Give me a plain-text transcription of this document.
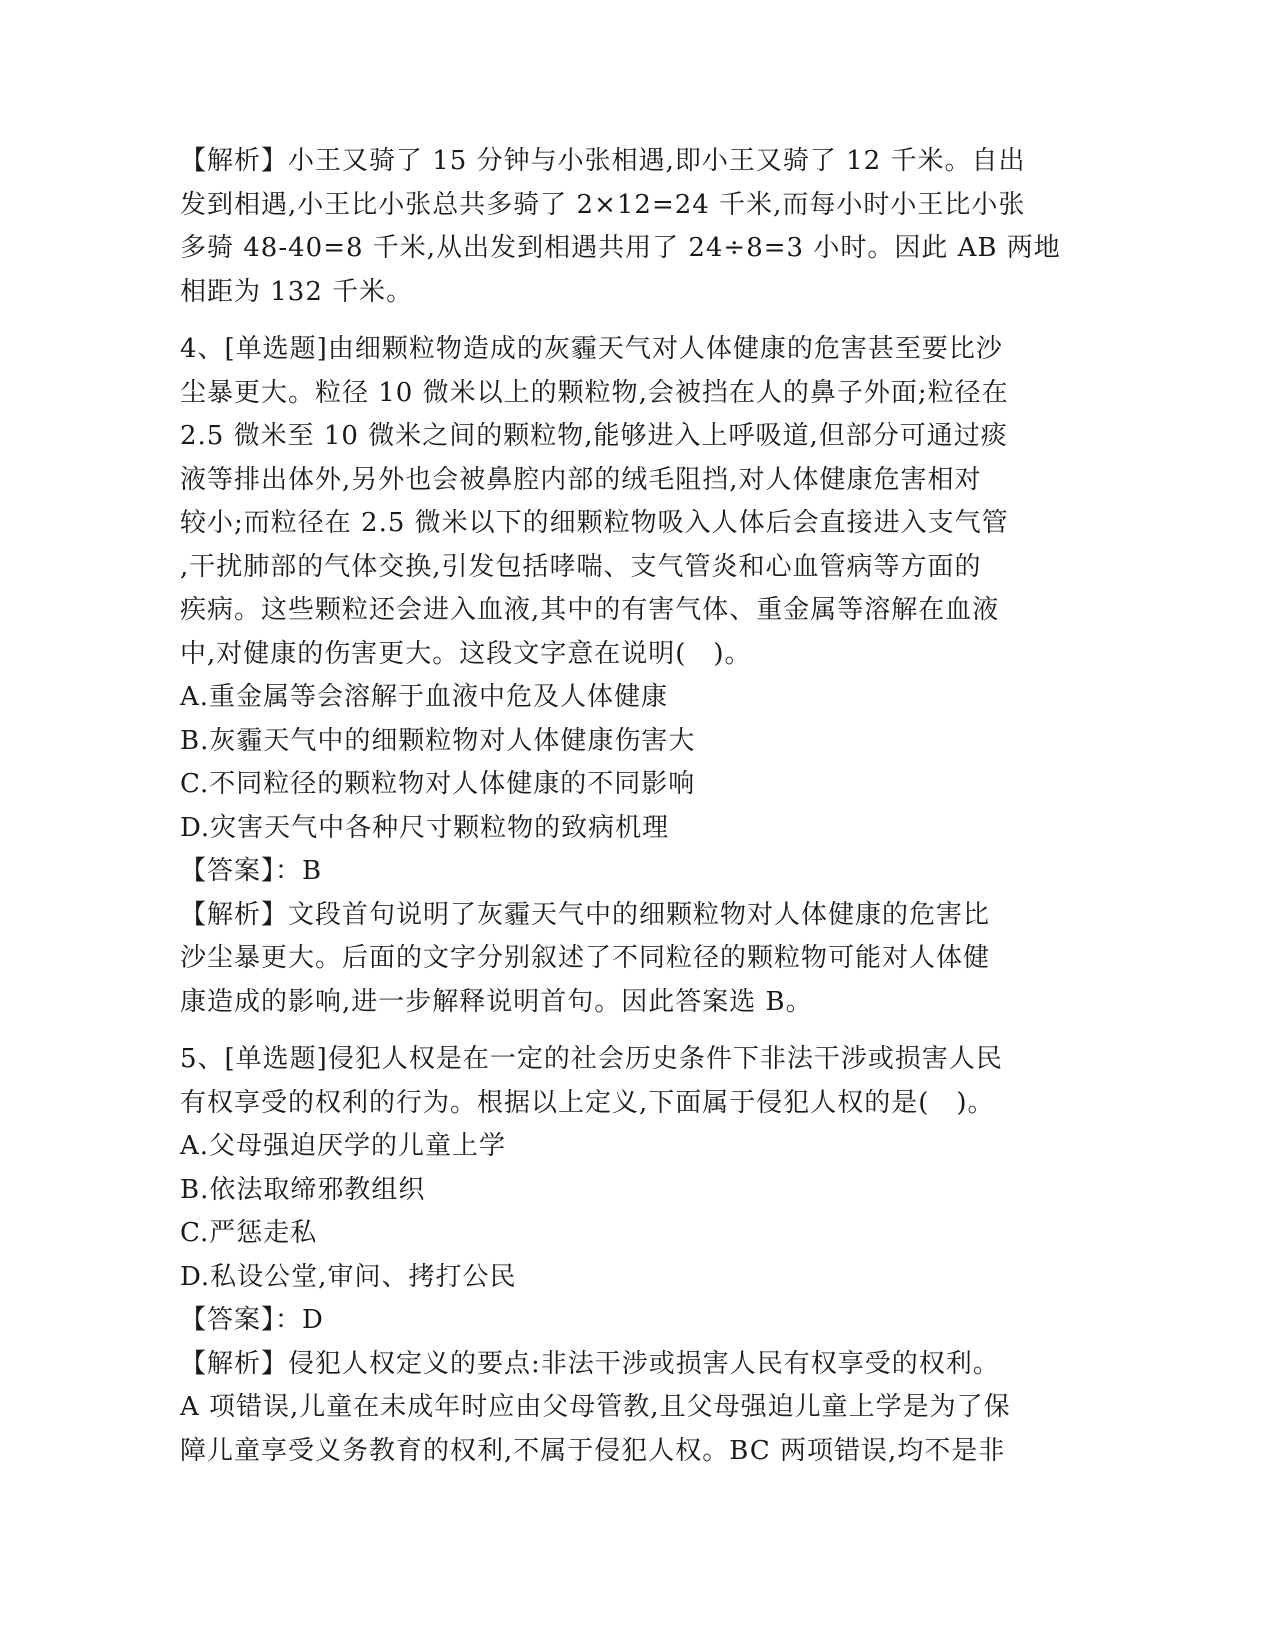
【解析】小王又骑了 15 分钟与小张相遇,即小王又骑了 12 千米。自出
发到相遇,小王比小张总共多骑了 2×12=24 千米,而每小时小王比小张
多骑 48-40=8 千米,从出发到相遇共用了 24÷8=3 小时。因此 AB 两地
相距为 132 千米。
4、[单选题]由细颗粒物造成的灰霾天气对人体健康的危害甚至要比沙
尘暴更大。粒径 10 微米以上的颗粒物,会被挡在人的鼻子外面;粒径在
2.5 微米至 10 微米之间的颗粒物,能够进入上呼吸道,但部分可通过痰
液等排出体外,另外也会被鼻腔内部的绒毛阻挡,对人体健康危害相对
较小;而粒径在 2.5 微米以下的细颗粒物吸入人体后会直接进入支气管
,干扰肺部的气体交换,引发包括哮喘、支气管炎和心血管病等方面的
疾病。这些颗粒还会进入血液,其中的有害气体、重金属等溶解在血液
中,对健康的伤害更大。这段文字意在说明(　)。
A.重金属等会溶解于血液中危及人体健康
B.灰霾天气中的细颗粒物对人体健康伤害大
C.不同粒径的颗粒物对人体健康的不同影响
D.灾害天气中各种尺寸颗粒物的致病机理
【答案】：B
【解析】文段首句说明了灰霾天气中的细颗粒物对人体健康的危害比
沙尘暴更大。后面的文字分别叙述了不同粒径的颗粒物可能对人体健
康造成的影响,进一步解释说明首句。因此答案选 B。
5、[单选题]侵犯人权是在一定的社会历史条件下非法干涉或损害人民
有权享受的权利的行为。根据以上定义,下面属于侵犯人权的是(　)。
A.父母强迫厌学的儿童上学
B.依法取缔邪教组织
C.严惩走私
D.私设公堂,审问、拷打公民
【答案】：D
【解析】侵犯人权定义的要点:非法干涉或损害人民有权享受的权利。
A 项错误,儿童在未成年时应由父母管教,且父母强迫儿童上学是为了保
障儿童享受义务教育的权利,不属于侵犯人权。BC 两项错误,均不是非
